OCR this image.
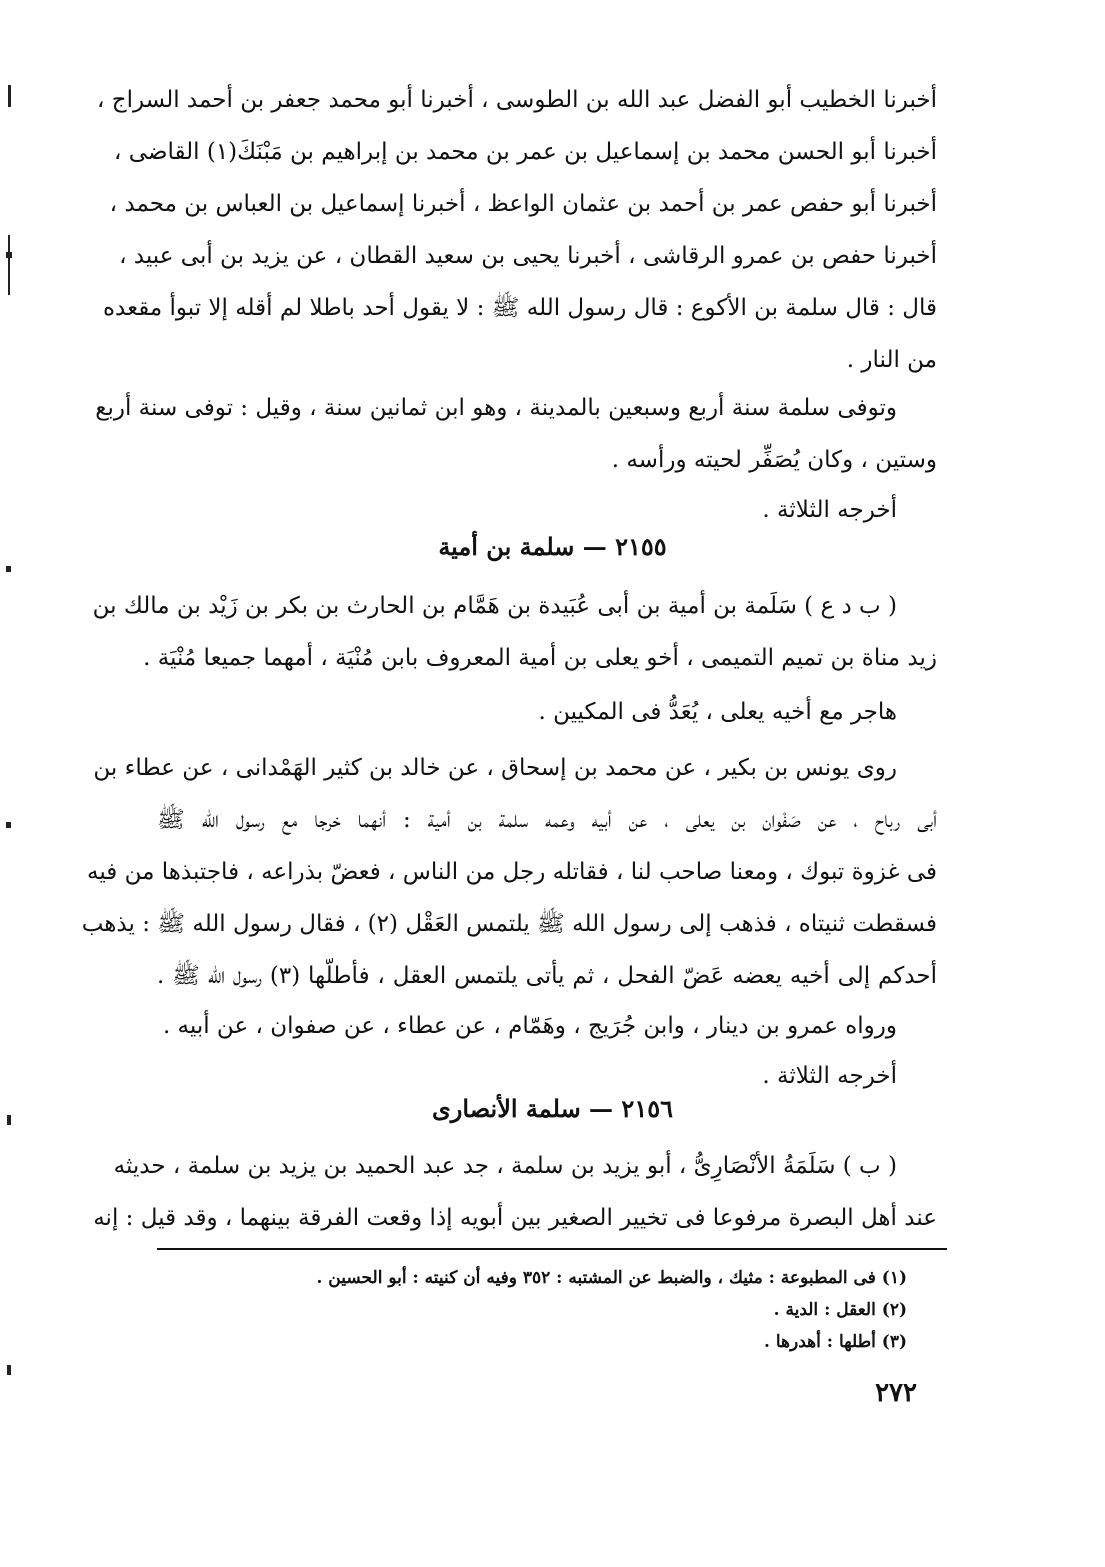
أخبرنا الخطيب أبو الفضل عبد الله بن الطوسى ، أخبرنا أبو محمد جعفر بن أحمد السراج ،
أخبرنا أبو الحسن محمد بن إسماعيل بن عمر بن محمد بن إبراهيم بن مَبْنَكَ(١) القاضى ،
أخبرنا أبو حفص عمر بن أحمد بن عثمان الواعظ ، أخبرنا إسماعيل بن العباس بن محمد ،
أخبرنا حفص بن عمرو الرقاشى ، أخبرنا يحيى بن سعيد القطان ، عن يزيد بن أبى عبيد ،
قال : قال سلمة بن الأكوع : قال رسول الله ﷺ : لا يقول أحد باطلا لم أقله إلا تبوأ مقعده
من النار .
وتوفى سلمة سنة أربع وسبعين بالمدينة ، وهو ابن ثمانين سنة ، وقيل : توفى سنة أربع
وستين ، وكان يُصَفِّر لحيته ورأسه .
أخرجه الثلاثة .
٢١٥٥ — سلمة بن أمية
( ب د ع ) سَلَمة بن أمية بن أبى عُبَيدة بن هَمَّام بن الحارث بن بكر بن زَيْد بن مالك بن
زيد مناة بن تميم التميمى ، أخو يعلى بن أمية المعروف بابن مُنْيَة ، أمهما جميعا مُنْيَة .
هاجر مع أخيه يعلى ، يُعَدُّ فى المكيين .
روى يونس بن بكير ، عن محمد بن إسحاق ، عن خالد بن كثير الهَمْدانى ، عن عطاء بن
أبى رباح ، عن صَفْوان بن يعلى ، عن أبيه وعمه سلمة بن أمية : أنهما خرجا مع رسول الله ﷺ
فى غزوة تبوك ، ومعنا صاحب لنا ، فقاتله رجل من الناس ، فعضّ بذراعه ، فاجتبذها من فيه
فسقطت ثنيتاه ، فذهب إلى رسول الله ﷺ يلتمس العَقْل (٢) ، فقال رسول الله ﷺ : يذهب
أحدكم إلى أخيه يعضه عَضّ الفحل ، ثم يأتى يلتمس العقل ، فأطلّها (٣) رسول الله ﷺ .
ورواه عمرو بن دينار ، وابن جُرَيج ، وهَمّام ، عن عطاء ، عن صفوان ، عن أبيه .
أخرجه الثلاثة .
٢١٥٦ — سلمة الأنصارى
( ب ) سَلَمَةُ الأنْصَارِىُّ ، أبو يزيد بن سلمة ، جد عبد الحميد بن يزيد بن سلمة ، حديثه
عند أهل البصرة مرفوعا فى تخيير الصغير بين أبويه إذا وقعت الفرقة بينهما ، وقد قيل : إنه
(١) فى المطبوعة : مثيك ، والضبط عن المشتبه : ٣٥٢ وفيه أن كنيته : أبو الحسين .
(٢) العقل : الدية .
(٣) أطلها : أهدرها .
٢٧٢
